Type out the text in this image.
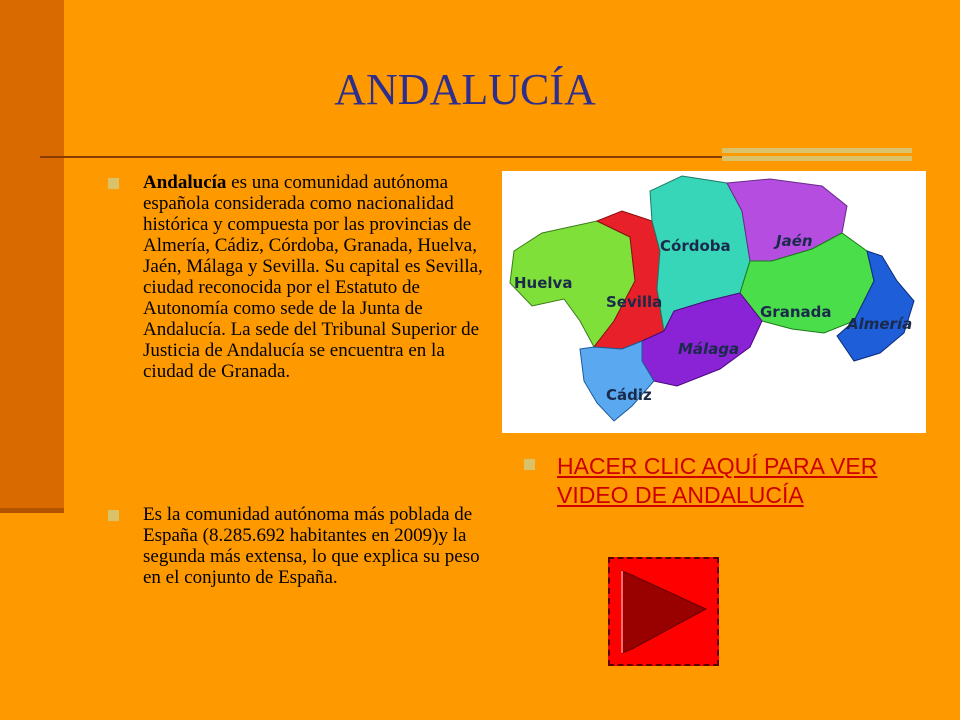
ANDALUCÍA
Andalucía es una comunidad autónoma española considerada como nacionalidad histórica y compuesta por las provincias de Almería, Cádiz, Córdoba, Granada, Huelva, Jaén, Málaga y Sevilla. Su capital es Sevilla, ciudad reconocida por el Estatuto de Autonomía como sede de la Junta de Andalucía. La sede del Tribunal Superior de Justicia de Andalucía se encuentra en la ciudad de Granada.
Es la comunidad autónoma más poblada de España (8.285.692 habitantes en 2009)y la segunda más extensa, lo que explica su peso en el conjunto de España.
Huelva
Sevilla
Córdoba	Jaén
Granada
Almería
Málaga
Cádiz
HACER CLIC AQUÍ PARA VER VIDEO DE ANDALUCÍA
